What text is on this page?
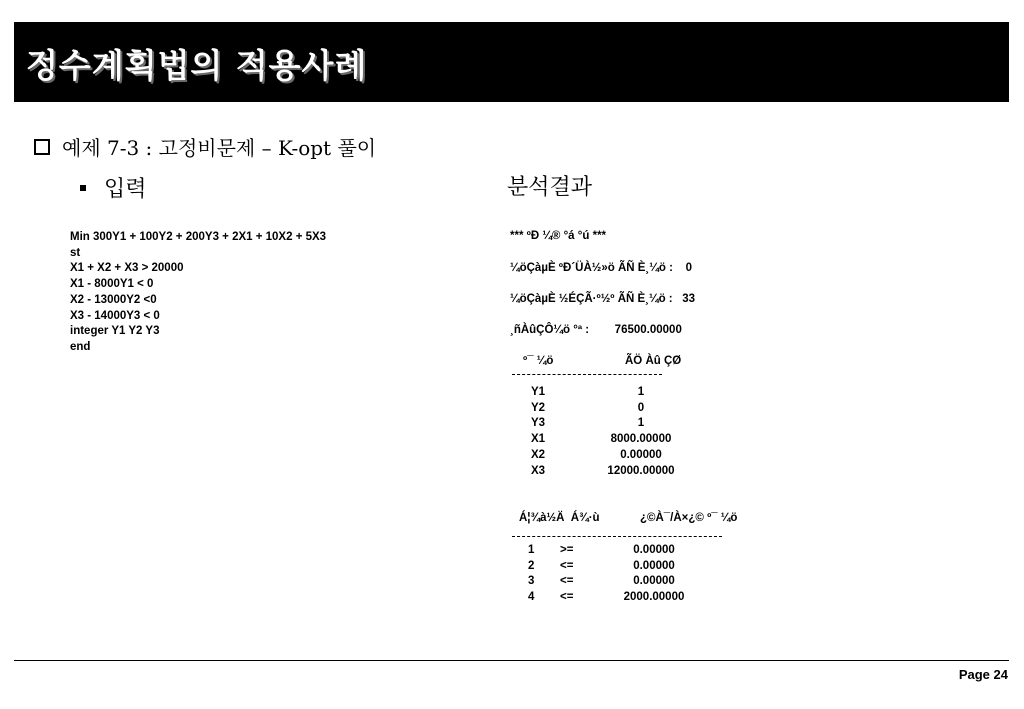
정수계획법의 적용사례
예제 7-3 : 고정비문제 – K-opt 풀이
입력	분석결과
Min 300Y1 + 100Y2 + 200Y3 + 2X1 + 10X2 + 5X3
st
X1 + X2 + X3 > 20000
X1 - 8000Y1 < 0
X2 - 13000Y2 <0
X3 - 14000Y3 < 0
integer Y1 Y2 Y3
end
*** ºÐ ¼® °á °ú ***
¼öÇàµÈ ºÐ´ÜÀ½»ö ÃÑ È¸¼ö :    0
¼öÇàµÈ ½ÉÇÃ·º½º ÃÑ È¸¼ö :   33
¸ñÀûÇÔ¼ö °ª :        76500.00000
º¯ ¼ö	ÃÖ Àû ÇØ
Y1	1
Y2	0
Y3	1
X1	8000.00000
X2	0.00000
X3	12000.00000
Á¦¾à½Ä  Á¾·ù	¿©À¯/À×¿© º¯ ¼ö
1 >=	0.00000
2 <=	0.00000
3 <=	0.00000
4 <=	2000.00000
Page 24
